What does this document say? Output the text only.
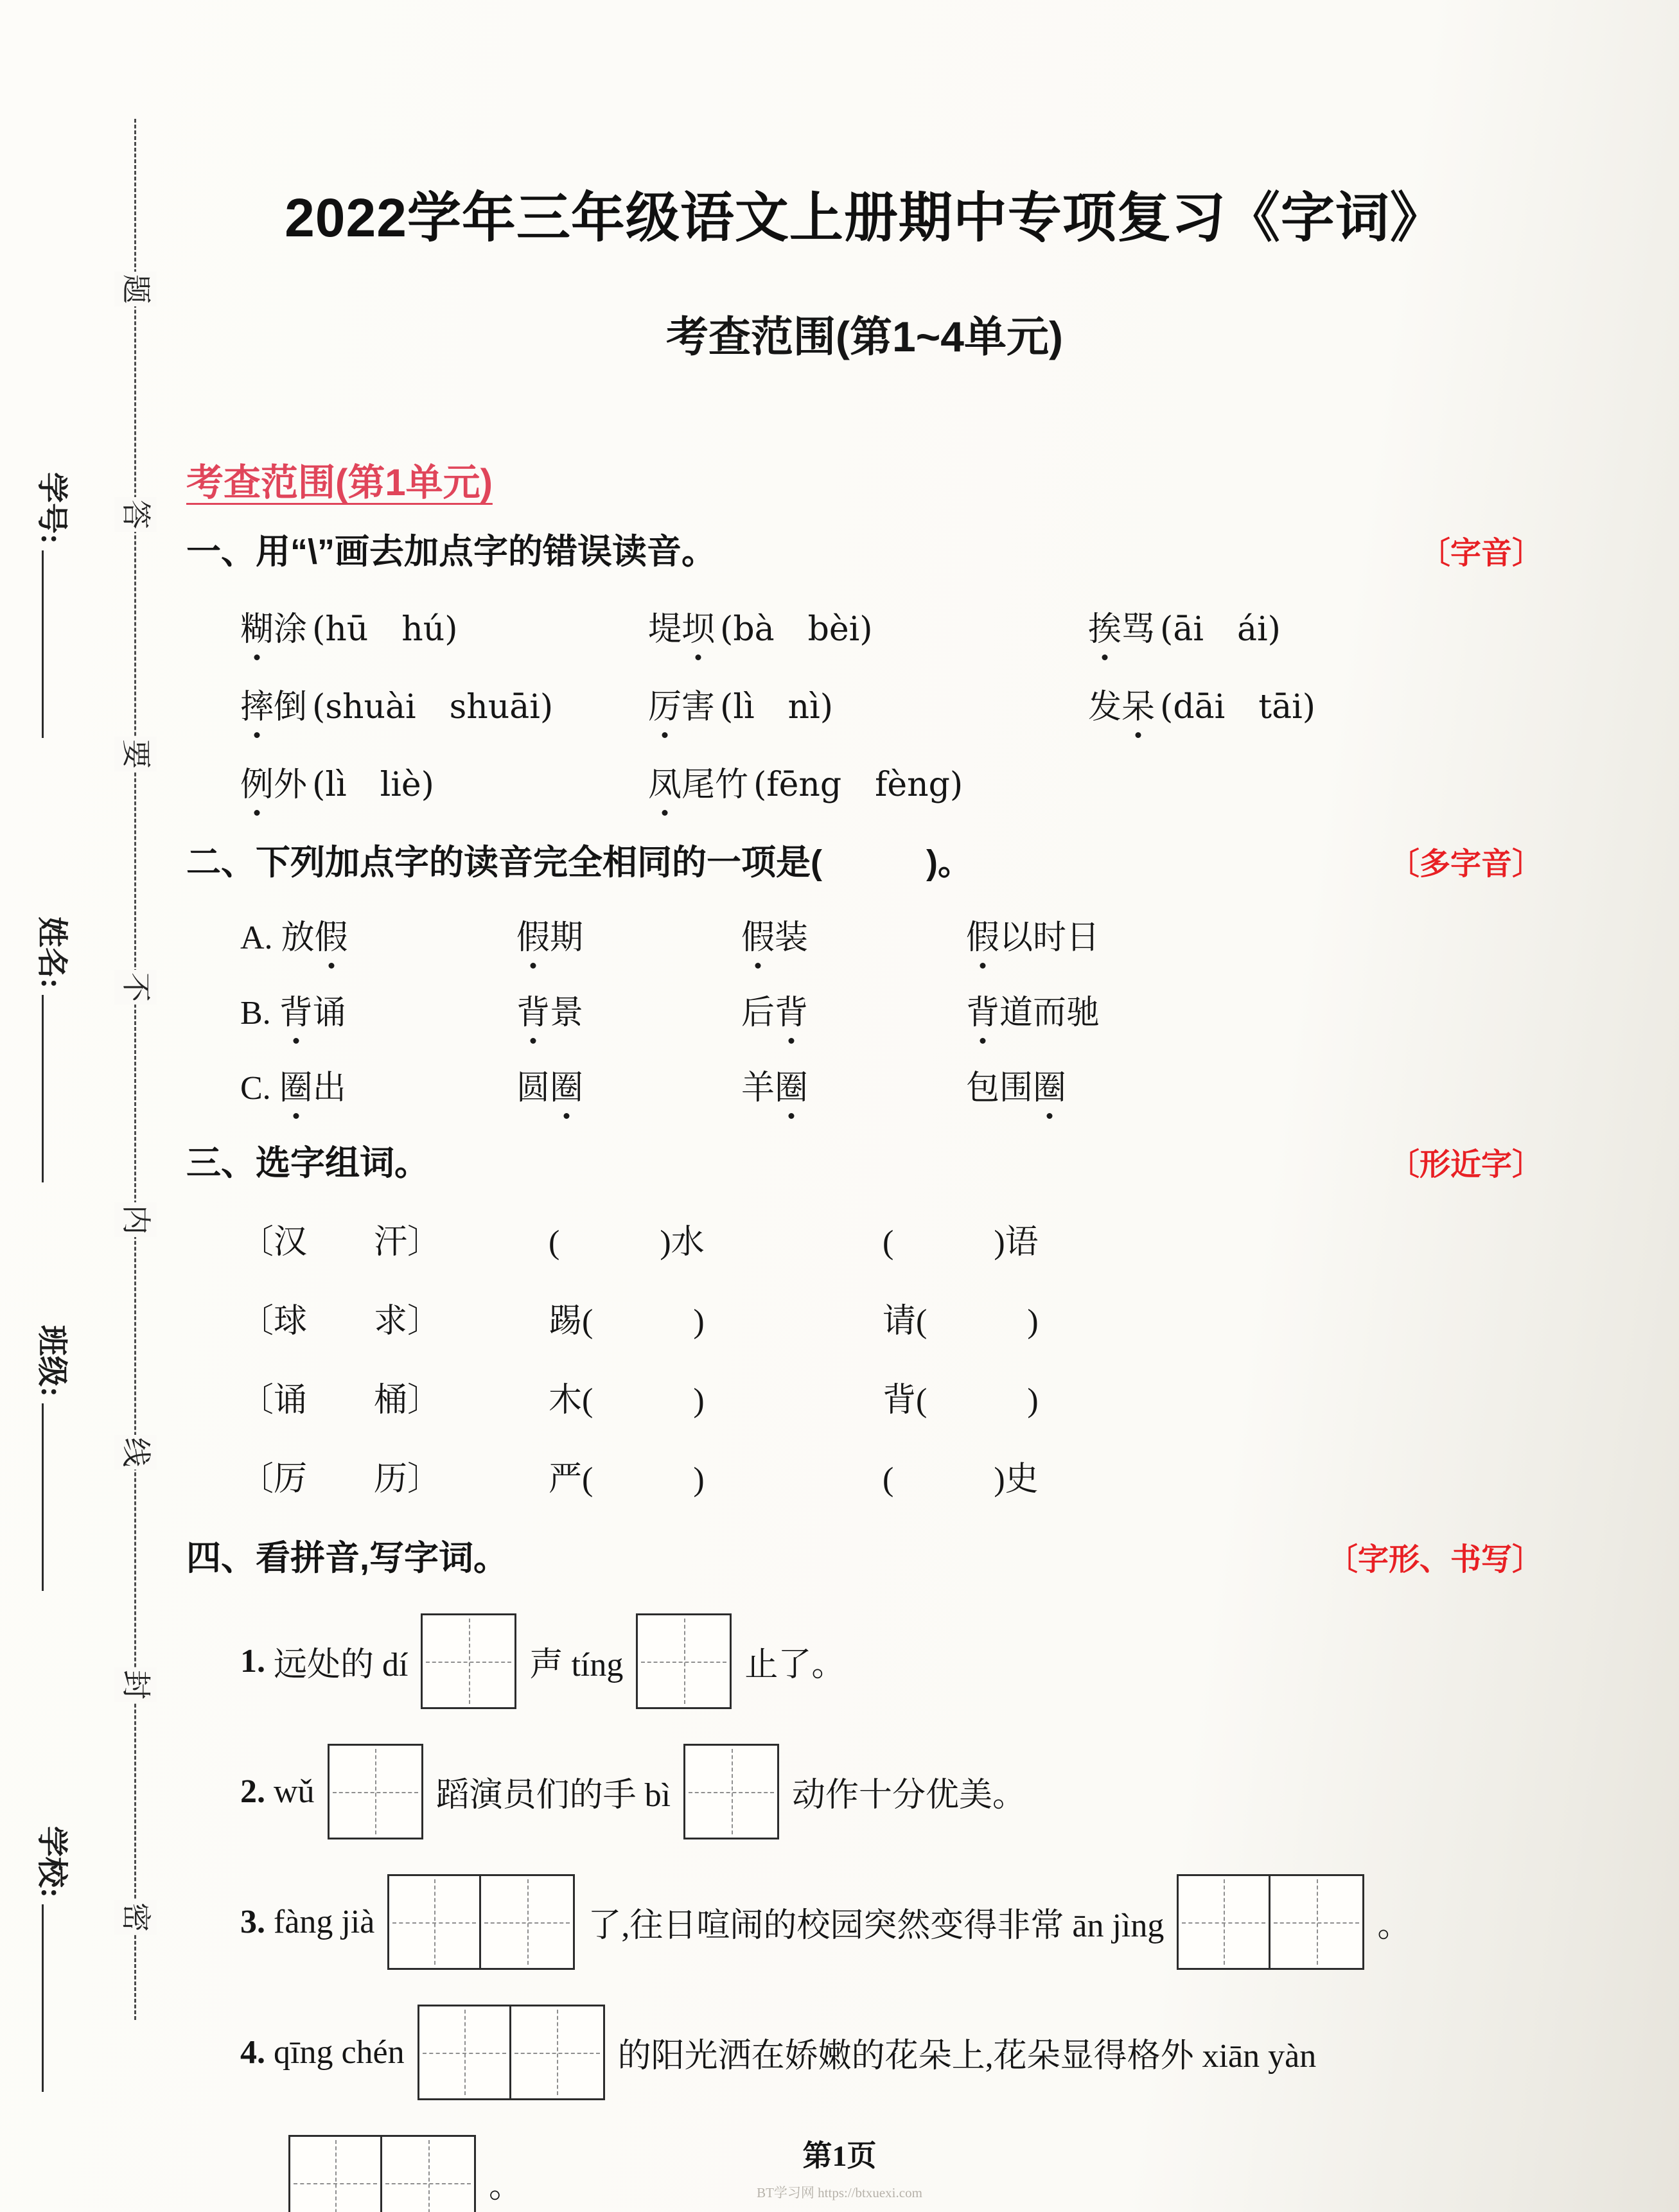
题
答
要
不
内
线
封
密
学号:
姓名:
班级:
学校:
2022学年三年级语文上册期中专项复习《字词》
考查范围(第1~4单元)
考查范围(第1单元)
一、用“\”画去加点字的错误读音。	〔字音〕
糊涂 (hū　hú)	堤坝 (bà　bèi)	挨骂 (āi　ái)
摔倒 (shuài　shuāi)	厉害 (lì　nì)	发呆 (dāi　tāi)
例外 (lì　liè)	凤尾竹 (fēng　fèng)
二、下列加点字的读音完全相同的一项是(　　　)。	〔多字音〕
A. 放假	假期	假装	假以时日
B. 背诵	背景	后背	背道而驰
C. 圈出	圆圈	羊圈	包围圈
三、选字组词。	〔形近字〕
〔汉　　汗〕	(　　　)水	(　　　)语
〔球　　求〕	踢(　　　)	请(　　　)
〔诵　　桶〕	木(　　　)	背(　　　)
〔厉　　历〕	严(　　　)	(　　　)史
四、看拼音,写字词。	〔字形、书写〕
1. 远处的 dí	声 tíng	止了。
2. wǔ	蹈演员们的手 bì	动作十分优美。
3. fàng jià	了,往日喧闹的校园突然变得非常 ān jìng	。
4. qīng chén	的阳光洒在娇嫩的花朵上,花朵显得格外 xiān yàn
。
第1页
BT学习网 https://btxuexi.com
